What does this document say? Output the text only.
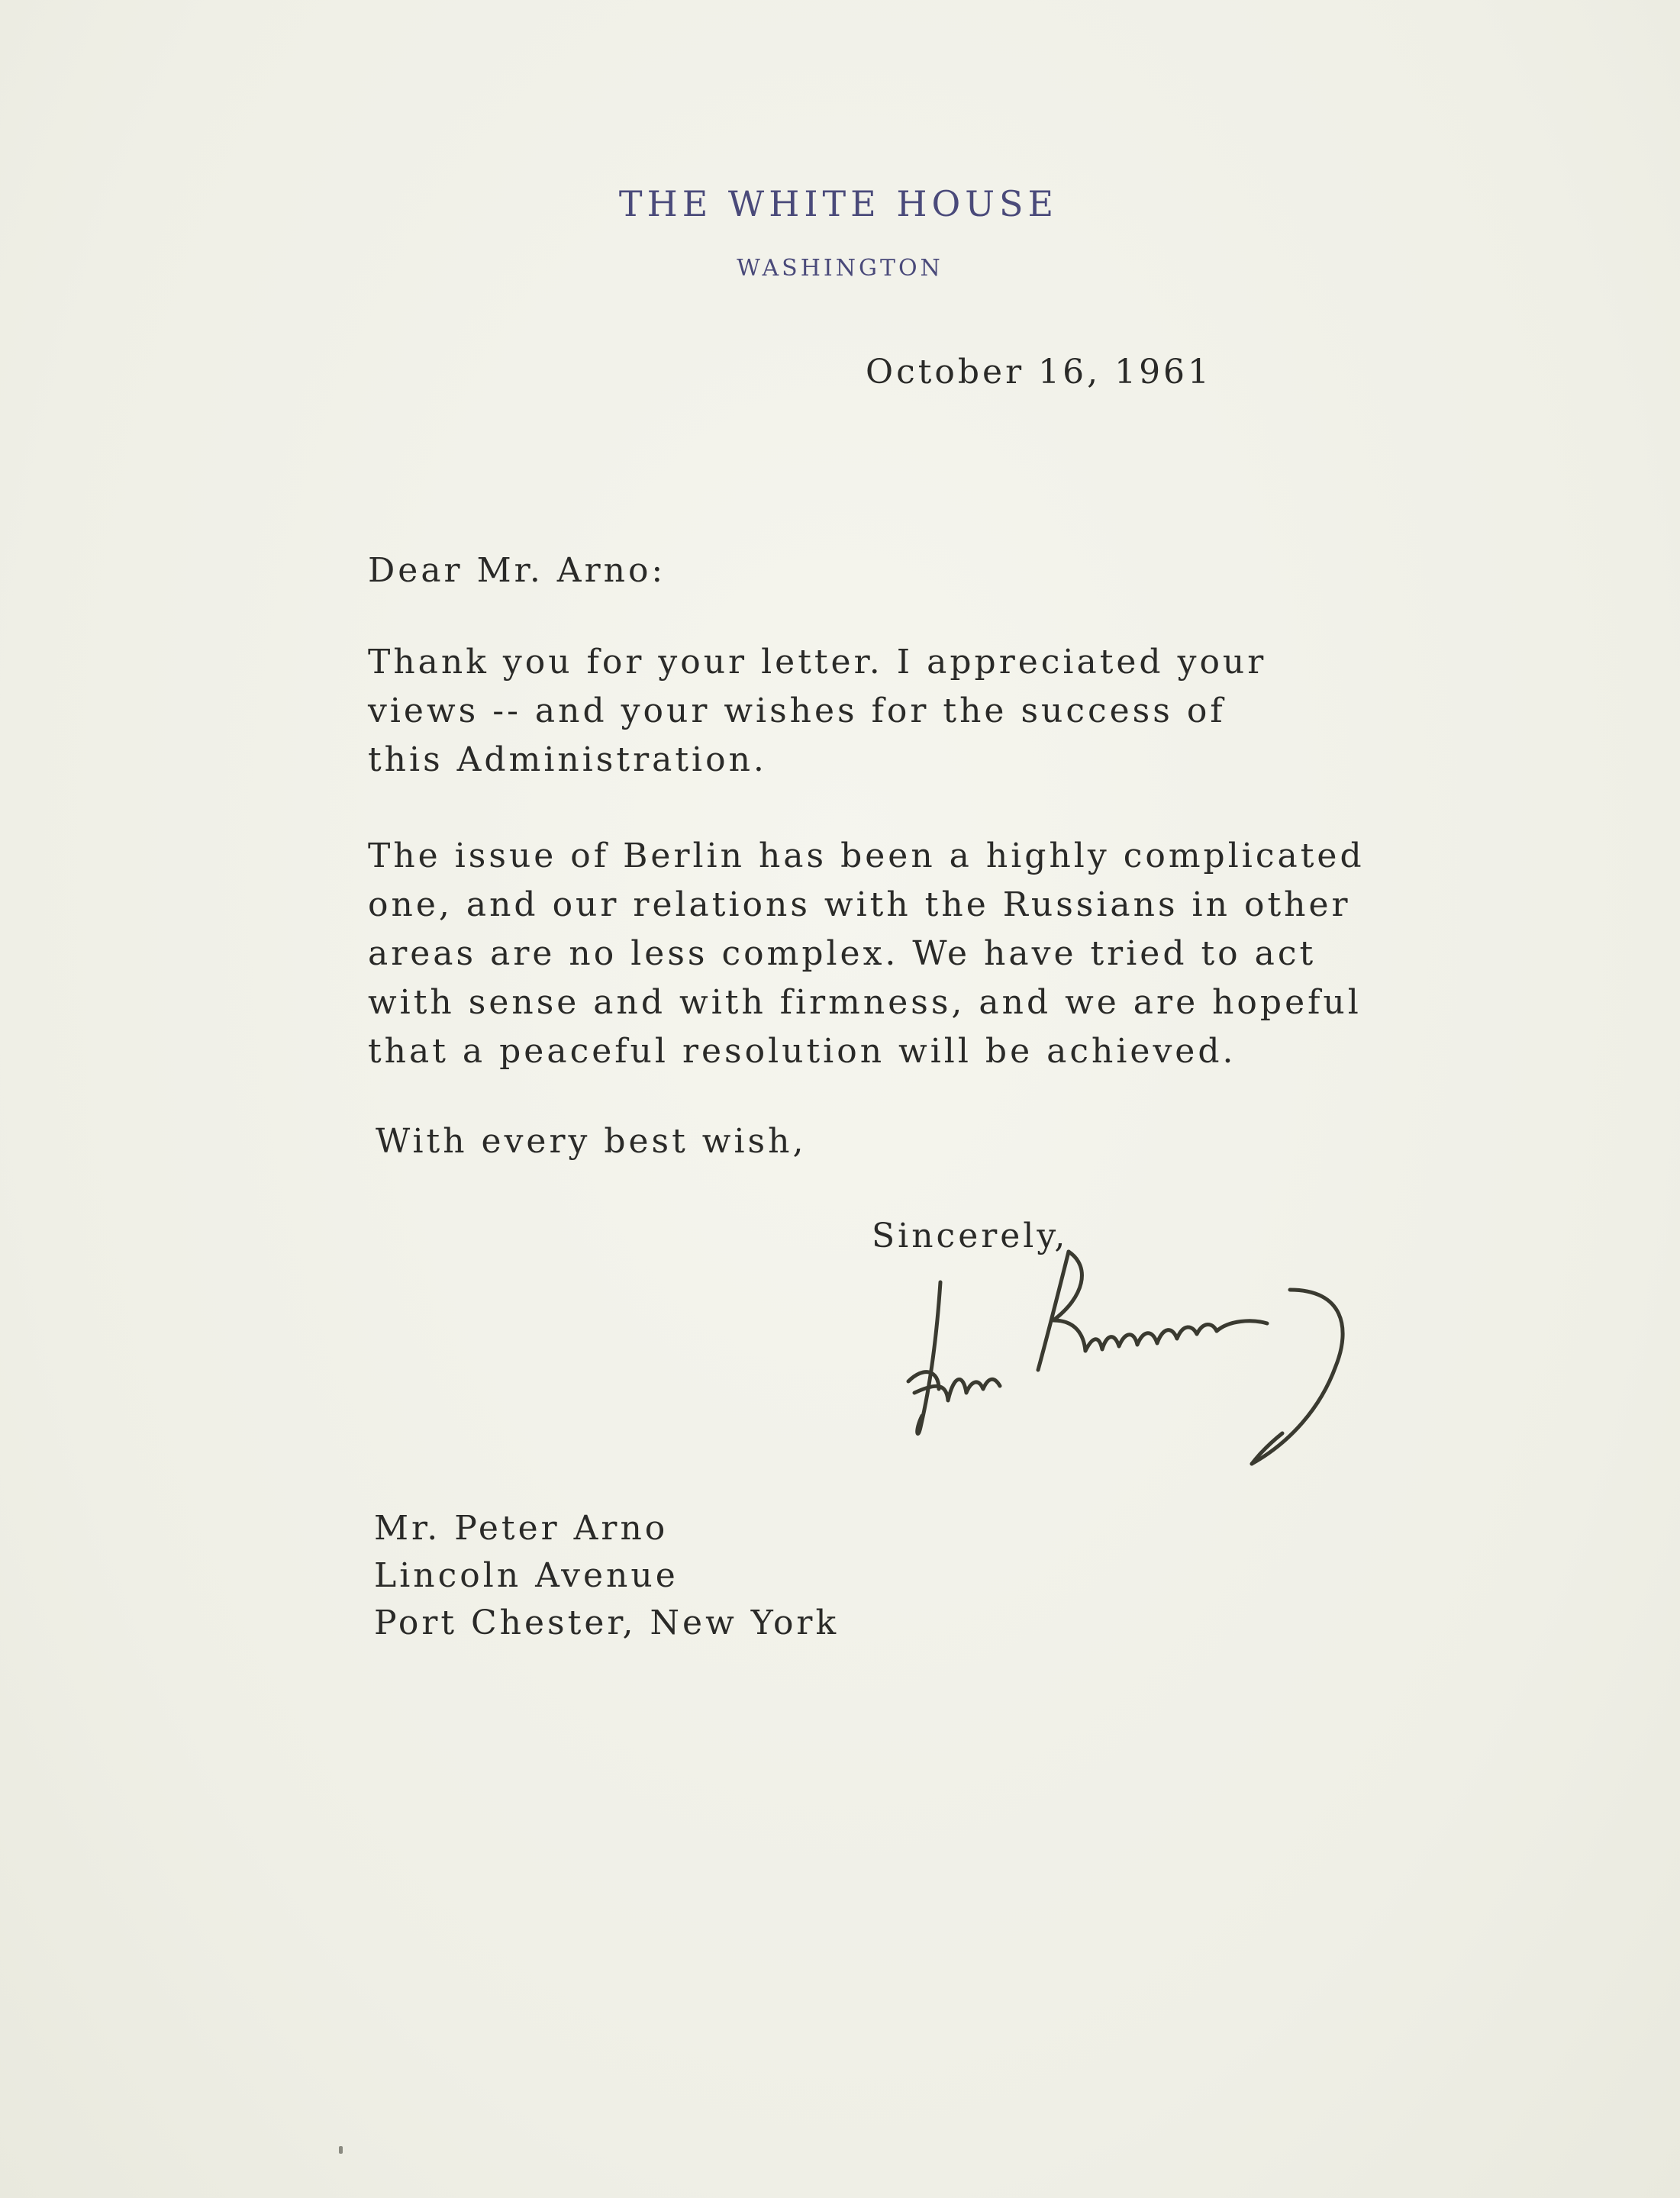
THE WHITE HOUSE
WASHINGTON
October 16, 1961
Dear Mr. Arno:
Thank you for your letter. I appreciated your
views -- and your wishes for the success of
this Administration.
The issue of Berlin has been a highly complicated
one, and our relations with the Russians in other
areas are no less complex. We have tried to act
with sense and with firmness, and we are hopeful
that a peaceful resolution will be achieved.
With every best wish,
Sincerely,
Mr. Peter Arno
Lincoln Avenue
Port Chester, New York
